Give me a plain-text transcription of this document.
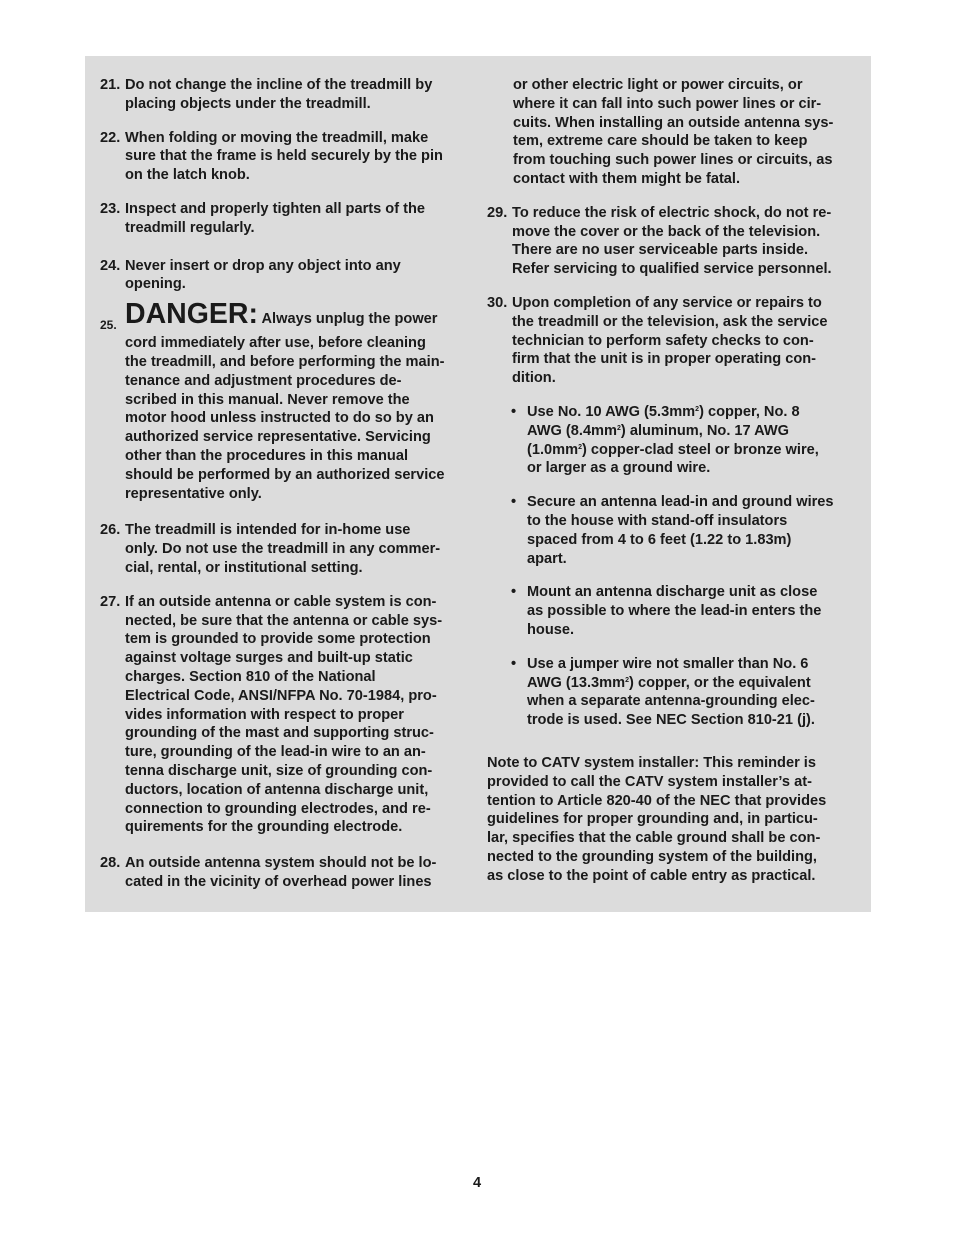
21. Do not change the incline of the treadmill by
placing objects under the treadmill.
22. When folding or moving the treadmill, make
sure that the frame is held securely by the pin
on the latch knob.
23. Inspect and properly tighten all parts of the
treadmill regularly.
24. Never insert or drop any object into any
opening.
25. DANGER: Always unplug the power
cord immediately after use, before cleaning
the treadmill, and before performing the main-
tenance and adjustment procedures de-
scribed in this manual. Never remove the
motor hood unless instructed to do so by an
authorized service representative. Servicing
other than the procedures in this manual
should be performed by an authorized service
representative only.
26. The treadmill is intended for in-home use
only. Do not use the treadmill in any commer-
cial, rental, or institutional setting.
27. If an outside antenna or cable system is con-
nected, be sure that the antenna or cable sys-
tem is grounded to provide some protection
against voltage surges and built-up static
charges. Section 810 of the National
Electrical Code, ANSI/NFPA No. 70-1984, pro-
vides information with respect to proper
grounding of the mast and supporting struc-
ture, grounding of the lead-in wire to an an-
tenna discharge unit, size of grounding con-
ductors, location of antenna discharge unit,
connection to grounding electrodes, and re-
quirements for the grounding electrode.
28. An outside antenna system should not be lo-
cated in the vicinity of overhead power lines
or other electric light or power circuits, or
where it can fall into such power lines or cir-
cuits. When installing an outside antenna sys-
tem, extreme care should be taken to keep
from touching such power lines or circuits, as
contact with them might be fatal.
29. To reduce the risk of electric shock, do not re-
move the cover or the back of the television.
There are no user serviceable parts inside.
Refer servicing to qualified service personnel.
30. Upon completion of any service or repairs to
the treadmill or the television, ask the service
technician to perform safety checks to con-
firm that the unit is in proper operating con-
dition.
• Use No. 10 AWG $(5.3mm^2)$ copper, No. 8
AWG $(8.4mm^2)$ aluminum, No. 17 AWG
$(1.0mm^2)$ copper-clad steel or bronze wire,
or larger as a ground wire.
• Secure an antenna lead-in and ground wires
to the house with stand-off insulators
spaced from 4 to 6 feet (1.22 to 1.83m)
apart.
• Mount an antenna discharge unit as close
as possible to where the lead-in enters the
house.
• Use a jumper wire not smaller than No. 6
AWG $(13.3mm^2)$ copper, or the equivalent
when a separate antenna-grounding elec-
trode is used. See NEC Section 810-21 (j).
Note to CATV system installer: This reminder is
provided to call the CATV system installer’s at-
tention to Article 820-40 of the NEC that provides
guidelines for proper grounding and, in particu-
lar, specifies that the cable ground shall be con-
nected to the grounding system of the building,
as close to the point of cable entry as practical.
4
